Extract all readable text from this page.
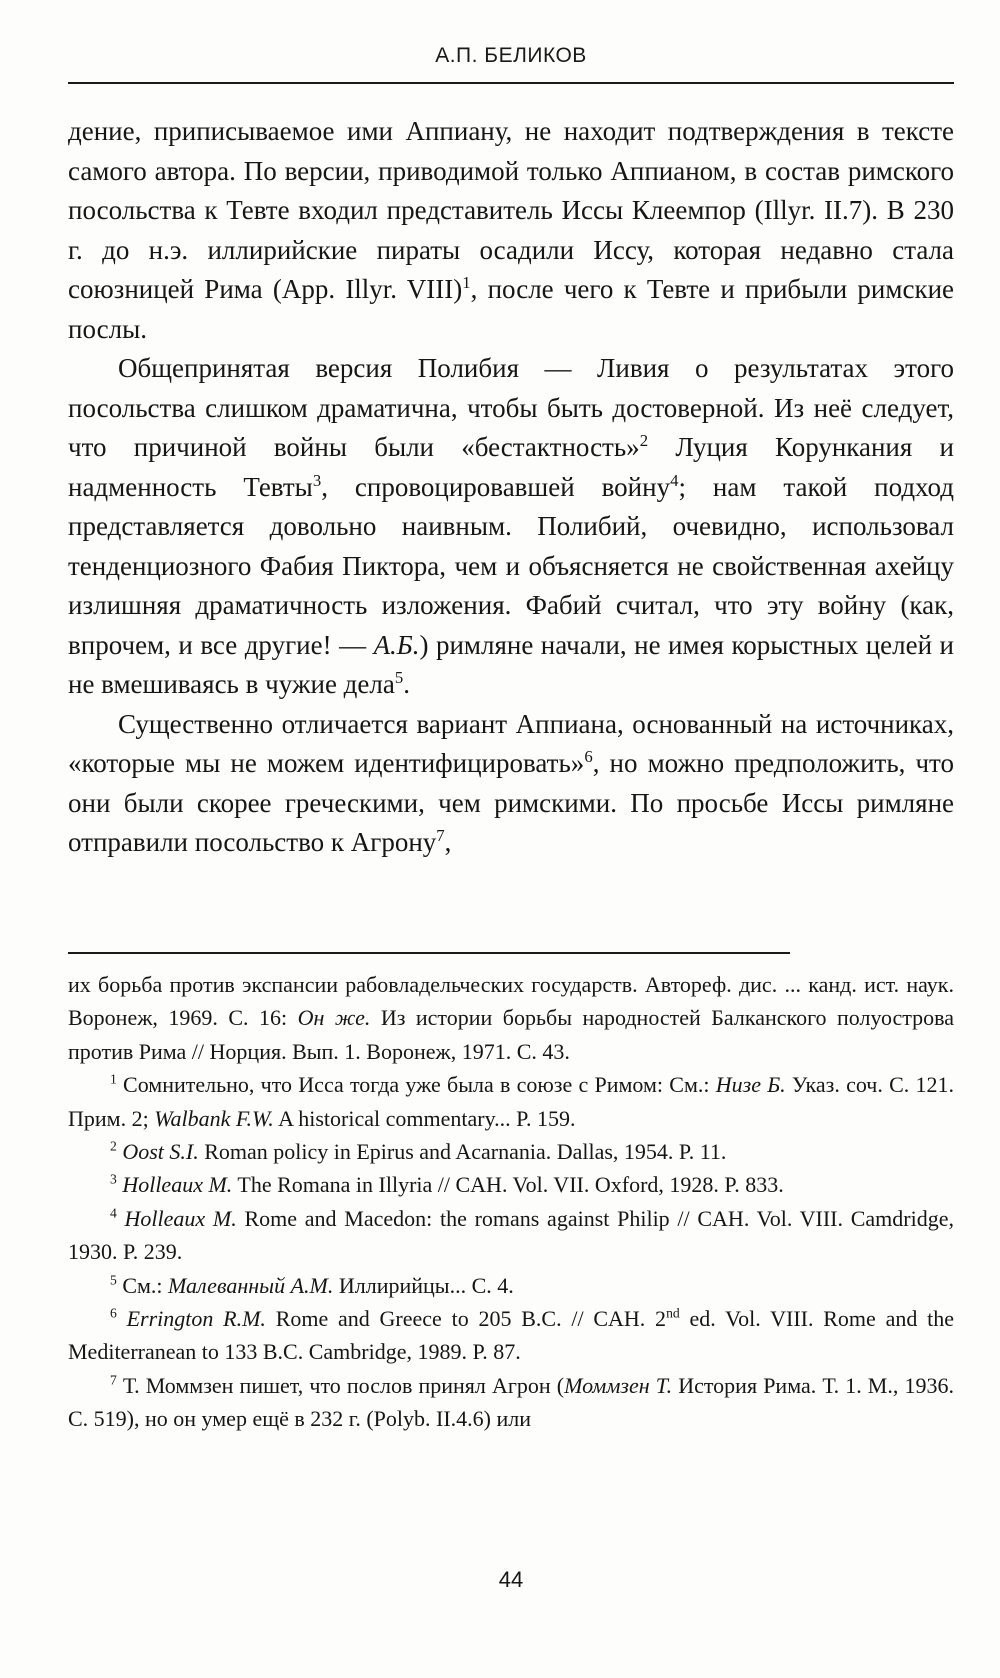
А.П. БЕЛИКОВ

дение, приписываемое ими Аппиану, не находит подтверждения в тексте самого автора. По версии, приводимой только Аппианом, в состав римского посольства к Тевте входил представитель Иссы Клеемпор (Illyr. II.7). В 230 г. до н.э. иллирийские пираты осадили Иссу, которая недавно стала союзницей Рима (App. Illyr. VIII)$^1$, после чего к Тевте и прибыли римские послы.

Общепринятая версия Полибия — Ливия о результатах этого посольства слишком драматична, чтобы быть достоверной. Из неё следует, что причиной войны были «бестактность»$^2$ Луция Корункания и надменность Тевты$^3$, спровоцировавшей войну$^4$; нам такой подход представляется довольно наивным. Полибий, очевидно, использовал тенденциозного Фабия Пиктора, чем и объясняется не свойственная ахейцу излишняя драматичность изложения. Фабий считал, что эту войну (как, впрочем, и все другие! — А.Б.) римляне начали, не имея корыстных целей и не вмешиваясь в чужие дела$^5$.

Существенно отличается вариант Аппиана, основанный на источниках, «которые мы не можем идентифицировать»$^6$, но можно предположить, что они были скорее греческими, чем римскими. По просьбе Иссы римляне отправили посольство к Агрону$^7$,

их борьба против экспансии рабовладельческих государств. Автореф. дис. ... канд. ист. наук. Воронеж, 1969. С. 16: Он же. Из истории борьбы народностей Балканского полуострова против Рима // Норция. Вып. 1. Воронеж, 1971. С. 43.

$^1$ Сомнительно, что Исса тогда уже была в союзе с Римом: См.: Низе Б. Указ. соч. С. 121. Прим. 2; Walbank F.W. A historical commentary... P. 159.

$^2$ Oost S.I. Roman policy in Epirus and Acarnania. Dallas, 1954. P. 11.

$^3$ Holleaux M. The Romana in Illyria // CAH. Vol. VII. Oxford, 1928. P. 833.

$^4$ Holleaux M. Rome and Macedon: the romans against Philip // CAH. Vol. VIII. Camdridge, 1930. P. 239.

$^5$ См.: Малеванный А.М. Иллирийцы... С. 4.

$^6$ Errington R.M. Rome and Greece to 205 B.C. // CAH. 2nd ed. Vol. VIII. Rome and the Mediterranean to 133 B.C. Cambridge, 1989. P. 87.

$^7$ Т. Моммзен пишет, что послов принял Агрон (Моммзен Т. История Рима. Т. 1. М., 1936. С. 519), но он умер ещё в 232 г. (Polyb. II.4.6) или

44
